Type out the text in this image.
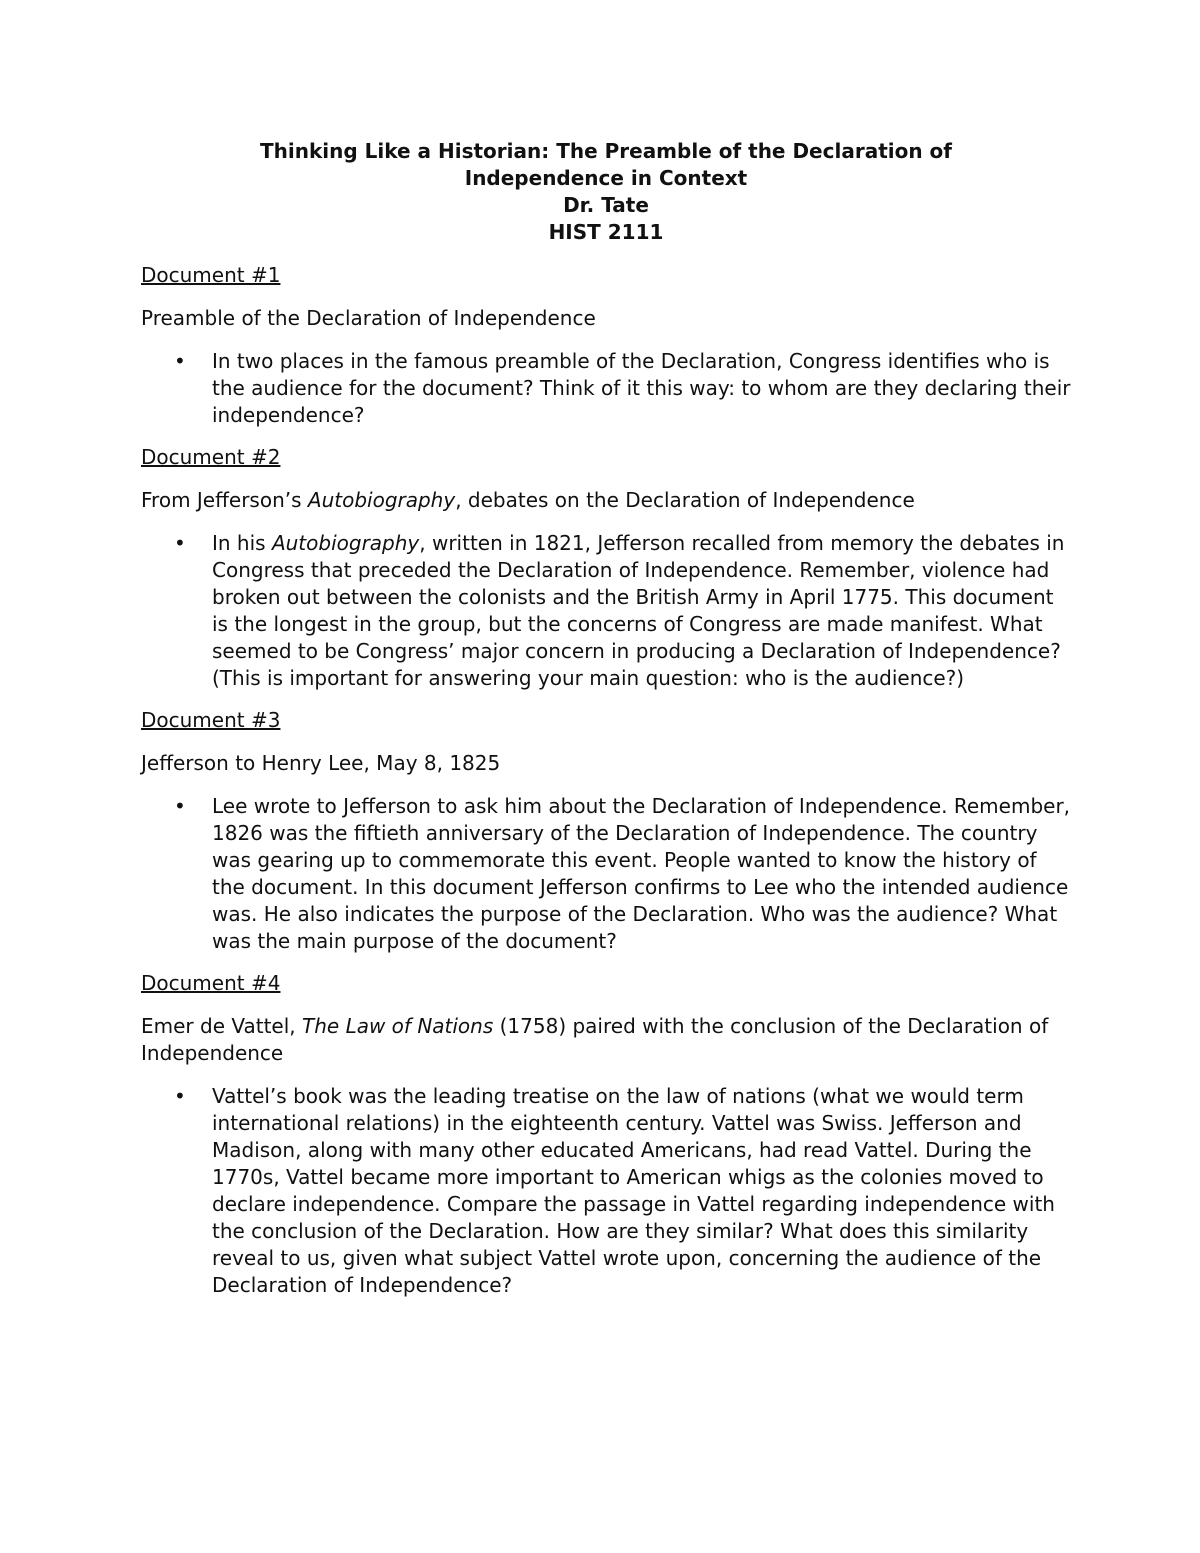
Thinking Like a Historian: The Preamble of the Declaration of
Independence in Context
Dr. Tate
HIST 2111
Document #1
Preamble of the Declaration of Independence
• In two places in the famous preamble of the Declaration, Congress identifies who is the audience for the document? Think of it this way: to whom are they declaring their independence?
Document #2
From Jefferson’s Autobiography, debates on the Declaration of Independence
• In his Autobiography, written in 1821, Jefferson recalled from memory the debates in Congress that preceded the Declaration of Independence. Remember, violence had broken out between the colonists and the British Army in April 1775. This document is the longest in the group, but the concerns of Congress are made manifest. What seemed to be Congress’ major concern in producing a Declaration of Independence? (This is important for answering your main question: who is the audience?)
Document #3
Jefferson to Henry Lee, May 8, 1825
• Lee wrote to Jefferson to ask him about the Declaration of Independence. Remember, 1826 was the fiftieth anniversary of the Declaration of Independence. The country was gearing up to commemorate this event. People wanted to know the history of the document. In this document Jefferson confirms to Lee who the intended audience was. He also indicates the purpose of the Declaration. Who was the audience? What was the main purpose of the document?
Document #4
Emer de Vattel, The Law of Nations (1758) paired with the conclusion of the Declaration of Independence
• Vattel’s book was the leading treatise on the law of nations (what we would term international relations) in the eighteenth century. Vattel was Swiss. Jefferson and Madison, along with many other educated Americans, had read Vattel. During the 1770s, Vattel became more important to American whigs as the colonies moved to declare independence. Compare the passage in Vattel regarding independence with the conclusion of the Declaration. How are they similar? What does this similarity reveal to us, given what subject Vattel wrote upon, concerning the audience of the Declaration of Independence?
